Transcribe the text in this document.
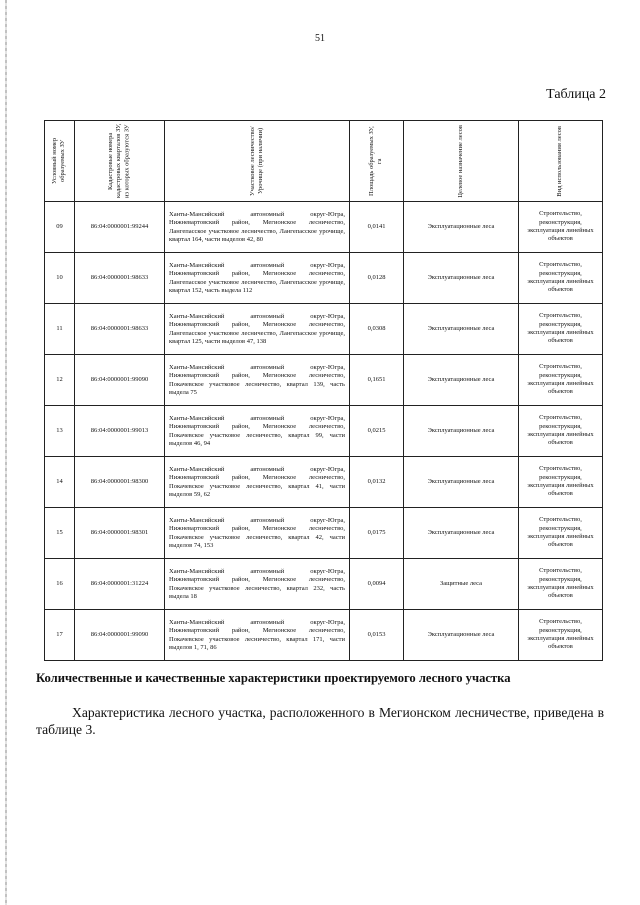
51
Таблица 2
Условный номер образуемых ЗУ	Кадастровые номера кадастровых кварталов ЗУ, из которых образуются ЗУ	Участковое лесничество/Урочище (при наличии)	Площадь образуемых ЗУ, га	Целевое назначение лесов	Вид использования лесов

09	86:04:0000001:99244	Ханты-Мансийский автономный округ-Югра, Нижневартовский район, Мегионское лесничество, Лангепасское участковое лесничество, Лангепасское урочище, квартал 164, части выделов 42, 80	0,0141	Эксплуатационные леса	Строительство, реконструкция, эксплуатация линейных объектов
10	86:04:0000001:98633	Ханты-Мансийский автономный округ-Югра, Нижневартовский район, Мегионское лесничество, Лангепасское участковое лесничество, Лангепасское урочище, квартал 152, часть выдела 112	0,0128	Эксплуатационные леса	Строительство, реконструкция, эксплуатация линейных объектов
11	86:04:0000001:98633	Ханты-Мансийский автономный округ-Югра, Нижневартовский район, Мегионское лесничество, Лангепасское участковое лесничество, Лангепасское урочище, квартал 125, части выделов 47, 138	0,0308	Эксплуатационные леса	Строительство, реконструкция, эксплуатация линейных объектов
12	86:04:0000001:99090	Ханты-Мансийский автономный округ-Югра, Нижневартовский район, Мегионское лесничество, Покачевское участковое лесничество, квартал 139, часть выдела 75	0,1651	Эксплуатационные леса	Строительство, реконструкция, эксплуатация линейных объектов
13	86:04:0000001:99013	Ханты-Мансийский автономный округ-Югра, Нижневартовский район, Мегионское лесничество, Покачевское участковое лесничество, квартал 99, части выделов 46, 94	0,0215	Эксплуатационные леса	Строительство, реконструкция, эксплуатация линейных объектов
14	86:04:0000001:98300	Ханты-Мансийский автономный округ-Югра, Нижневартовский район, Мегионское лесничество, Покачевское участковое лесничество, квартал 41, части выделов 59, 62	0,0132	Эксплуатационные леса	Строительство, реконструкция, эксплуатация линейных объектов
15	86:04:0000001:98301	Ханты-Мансийский автономный округ-Югра, Нижневартовский район, Мегионское лесничество, Покачевское участковое лесничество, квартал 42, части выделов 74, 153	0,0175	Эксплуатационные леса	Строительство, реконструкция, эксплуатация линейных объектов
16	86:04:0000001:31224	Ханты-Мансийский автономный округ-Югра, Нижневартовский район, Мегионское лесничество, Покачевское участковое лесничество, квартал 232, часть выдела 18	0,0094	Защитные леса	Строительство, реконструкция, эксплуатация линейных объектов
17	86:04:0000001:99090	Ханты-Мансийский автономный округ-Югра, Нижневартовский район, Мегионское лесничество, Покачевское участковое лесничество, квартал 171, части выделов 1, 71, 86	0,0153	Эксплуатационные леса	Строительство, реконструкция, эксплуатация линейных объектов
Количественные и качественные характеристики проектируемого лесного участка
Характеристика лесного участка, расположенного в Мегионском лесничестве, приведена в таблице 3.
